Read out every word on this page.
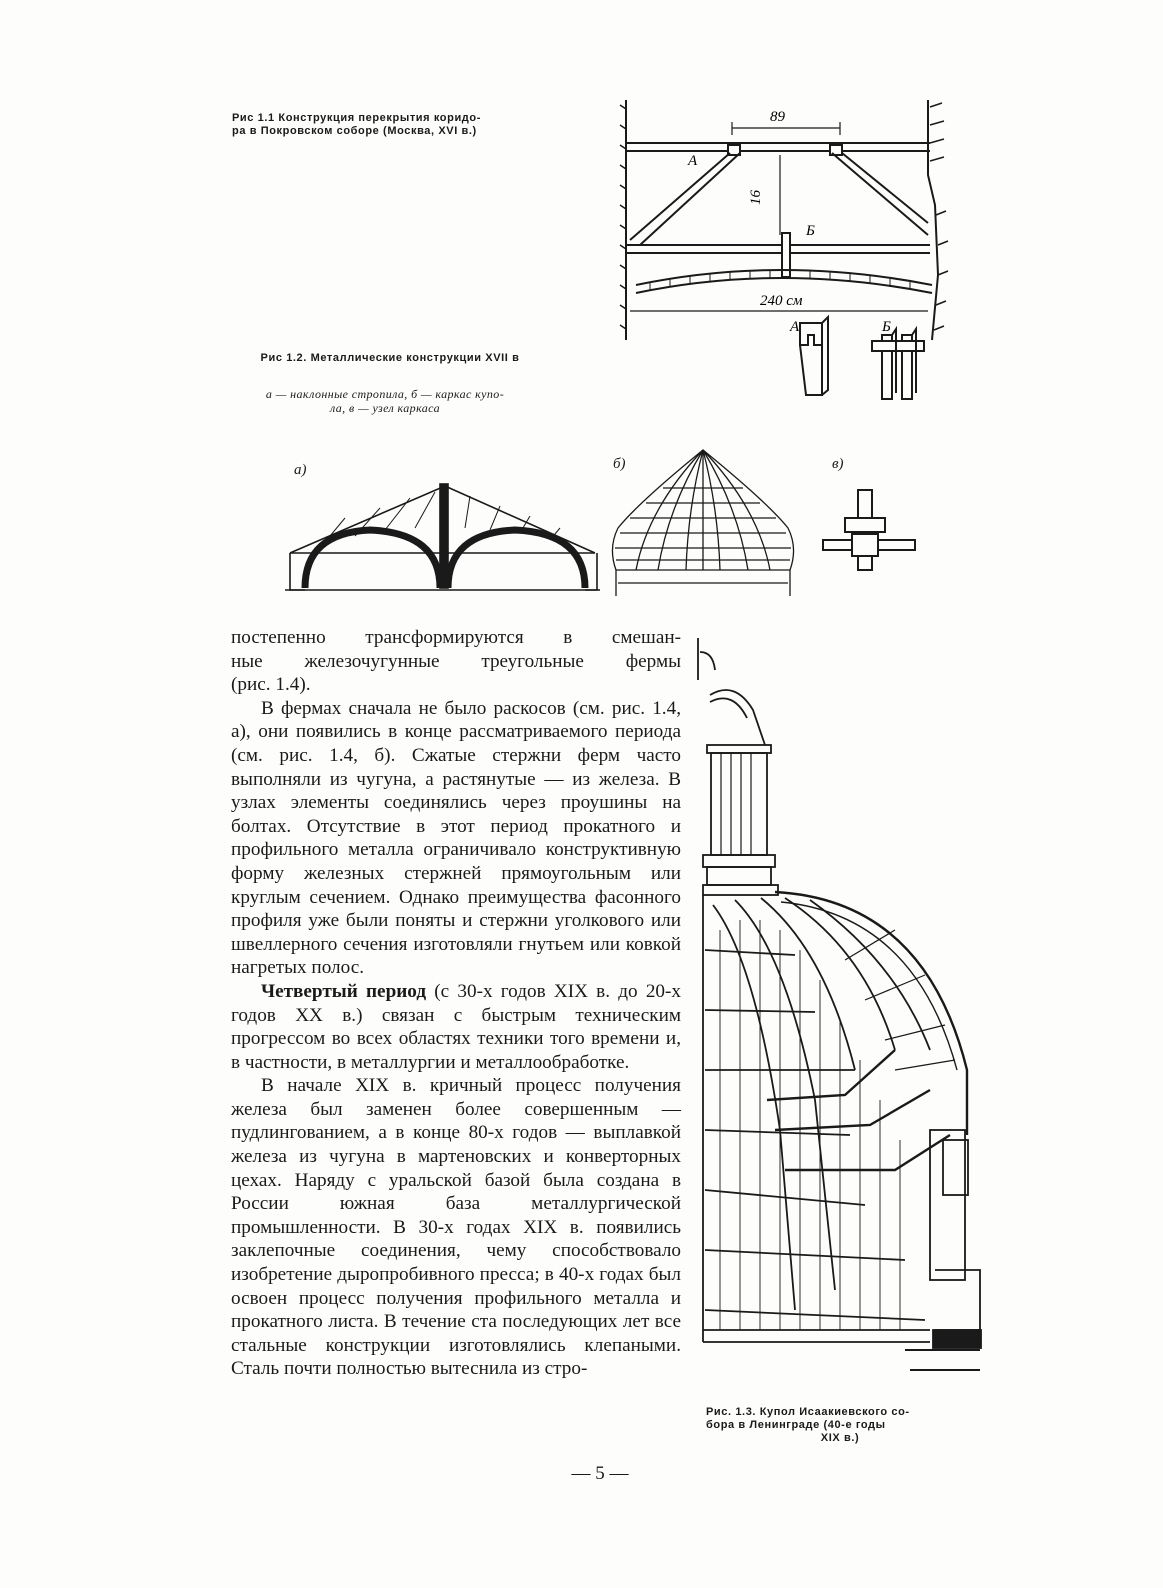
Рис 1.1 Конструкция перекрытия коридо-
ра в Покровском соборе (Москва, XVI в.)
89
16
А
Б
240 см
А	Б
Рис 1.2. Металлические конструкции XVII в
а — наклонные стропила, б — каркас купо-
ла, в — узел каркаса
а)	б)	в)
постепенно трансформируются в смешан-
ные железочугунные треугольные фермы
(рис. 1.4).

В фермах сначала не было раскосов (см. рис. 1.4, а), они появились в конце рассматриваемого периода (см. рис. 1.4, б). Сжатые стержни ферм часто выполняли из чугуна, а растянутые — из железа. В узлах элементы соединялись через проушины на болтах. Отсутствие в этот период прокатного и профильного металла ограничивало конструктивную форму железных стержней прямоугольным или круглым сечением. Однако преимущества фасонного профиля уже были поняты и стержни уголкового или швеллерного сечения изготовляли гнутьем или ковкой нагретых полос.

Четвертый период (с 30-х годов XIX в. до 20-х годов XX в.) связан с быстрым техническим прогрессом во всех областях техники того времени и, в частности, в металлургии и металлообработке.

В начале XIX в. кричный процесс получения железа был заменен более совершенным — пудлингованием, а в конце 80-х годов — выплавкой железа из чугуна в мартеновских и конверторных цехах. Наряду с уральской базой была создана в России южная база металлургической промышленности. В 30-х годах XIX в. появились заклепочные соединения, чему способствовало изобретение дыропробивного пресса; в 40-х годах был освоен процесс получения профильного металла и прокатного листа. В течение ста последующих лет все стальные конструкции изготовлялись клепаными. Сталь почти полностью вытеснила из стро-

Рис. 1.3. Купол Исаакиевского со-
бора в Ленинграде (40-е годы
XIX в.)
— 5 —
